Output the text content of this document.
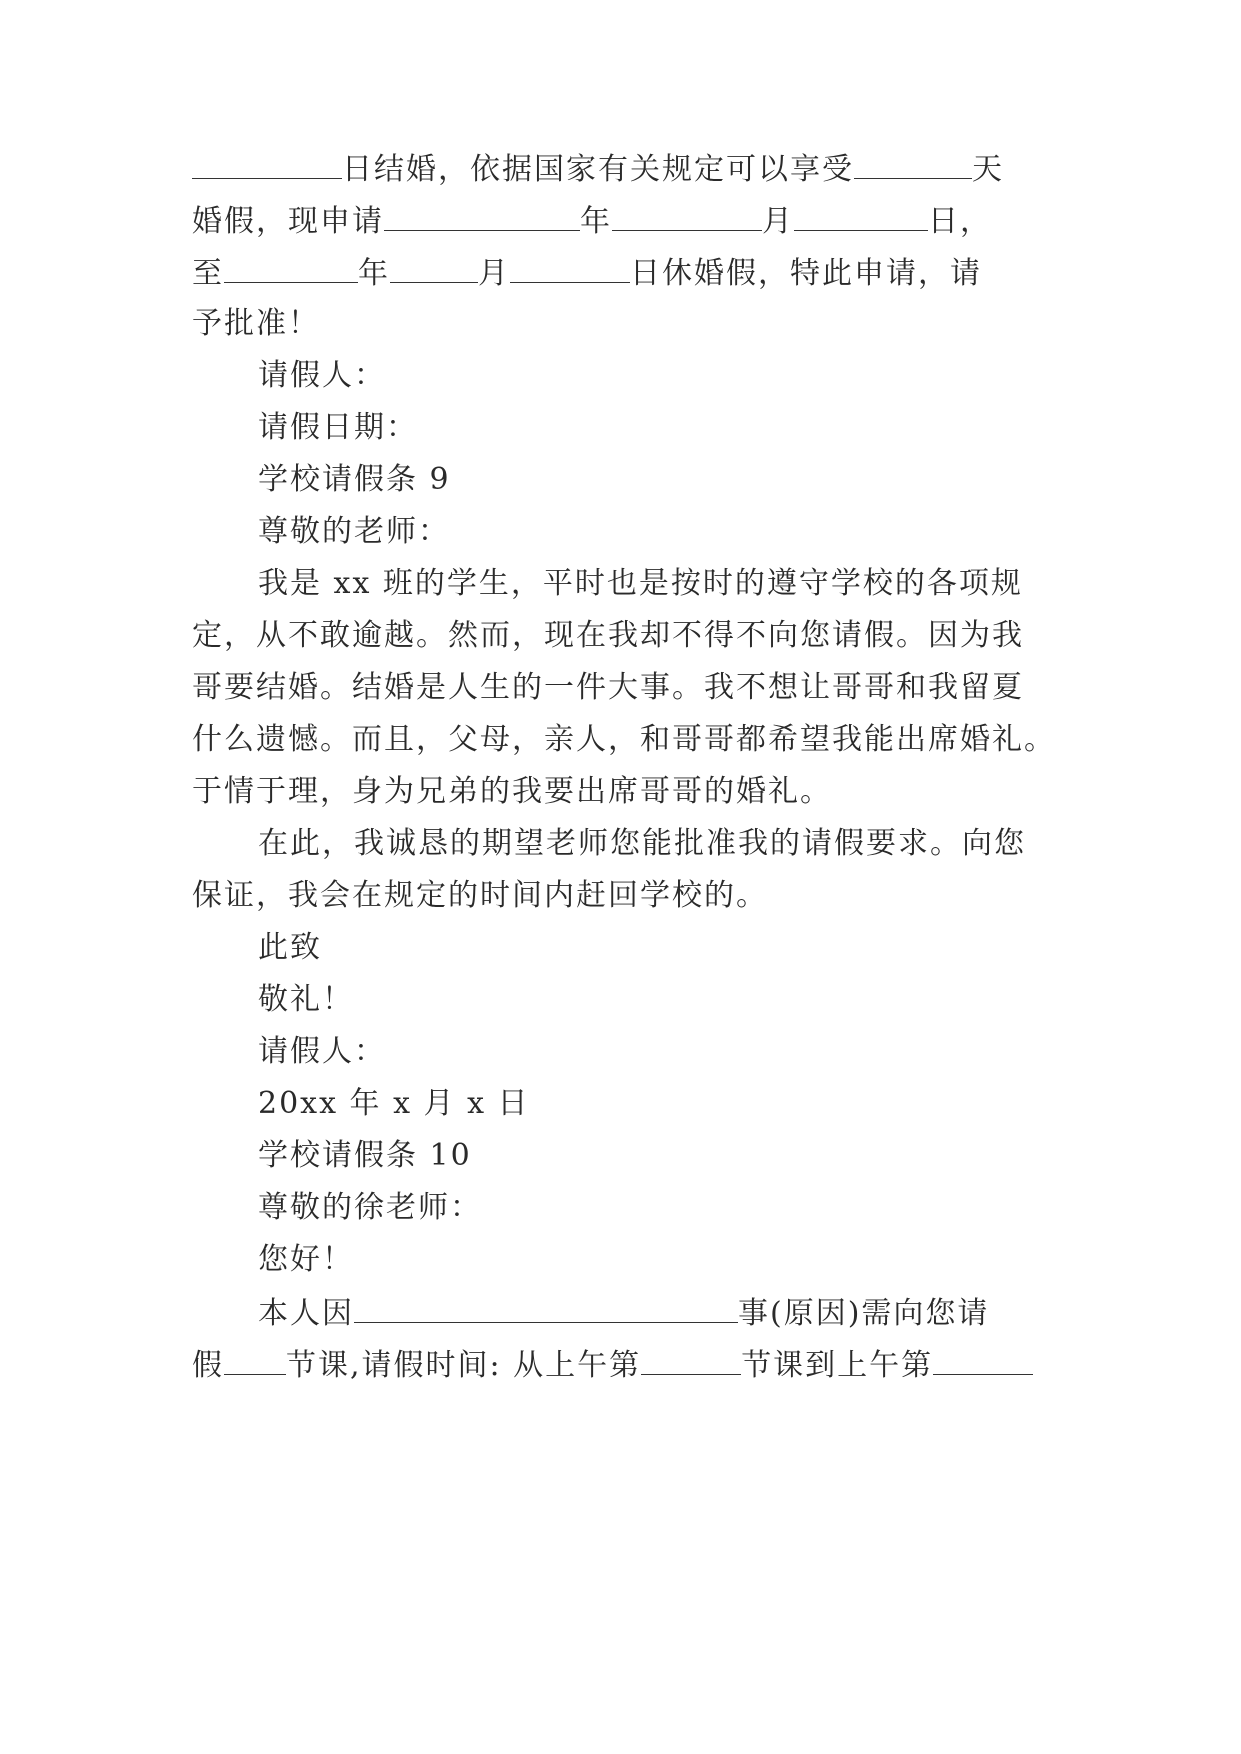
日结婚，依据国家有关规定可以享受	天
婚假，现申请	年	月	日，
至	年	月	日休婚假，特此申请，请
予批准！
请假人：
请假日期：
学校请假条 9
尊敬的老师：
我是 xx 班的学生，平时也是按时的遵守学校的各项规
定，从不敢逾越。然而，现在我却不得不向您请假。因为我
哥要结婚。结婚是人生的一件大事。我不想让哥哥和我留夏
什么遗憾。而且，父母，亲人，和哥哥都希望我能出席婚礼。
于情于理，身为兄弟的我要出席哥哥的婚礼。
在此，我诚恳的期望老师您能批准我的请假要求。向您
保证，我会在规定的时间内赶回学校的。
此致
敬礼！
请假人：
20xx 年 x 月 x 日
学校请假条 10
尊敬的徐老师：
您好！
本人因	事(原因)需向您请
假 节课,请假时间: 从上午第	节课到上午第
